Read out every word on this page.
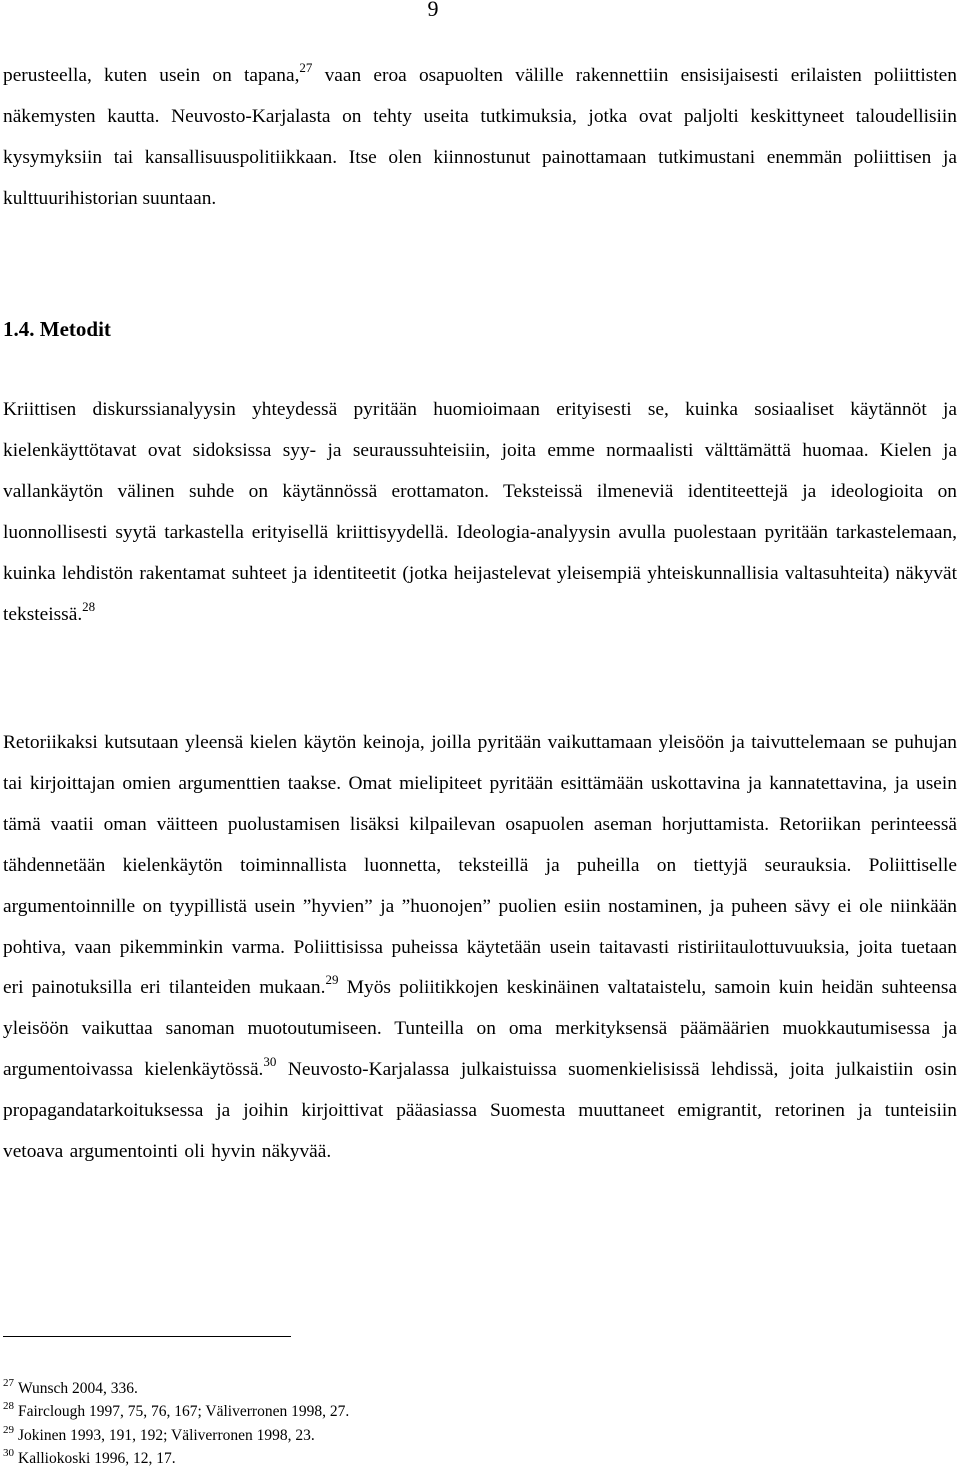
9

perusteella, kuten usein on tapana,$^{27}$ vaan eroa osapuolten välille rakennettiin ensisijaisesti erilaisten poliittisten näkemysten kautta. Neuvosto-Karjalasta on tehty useita tutkimuksia, jotka ovat paljolti keskittyneet taloudellisiin kysymyksiin tai kansallisuuspolitiikkaan. Itse olen kiinnostunut painottamaan tutkimustani enemmän poliittisen ja kulttuurihistorian suuntaan.

1.4. Metodit

Kriittisen diskurssianalyysin yhteydessä pyritään huomioimaan erityisesti se, kuinka sosiaaliset käytännöt ja kielenkäyttötavat ovat sidoksissa syy- ja seuraussuhteisiin, joita emme normaalisti välttämättä huomaa. Kielen ja vallankäytön välinen suhde on käytännössä erottamaton. Teksteissä ilmeneviä identiteettejä ja ideologioita on luonnollisesti syytä tarkastella erityisellä kriittisyydellä. Ideologia-analyysin avulla puolestaan pyritään tarkastelemaan, kuinka lehdistön rakentamat suhteet ja identiteetit (jotka heijastelevat yleisempiä yhteiskunnallisia valtasuhteita) näkyvät teksteissä.$^{28}$

Retoriikaksi kutsutaan yleensä kielen käytön keinoja, joilla pyritään vaikuttamaan yleisöön ja taivuttelemaan se puhujan tai kirjoittajan omien argumenttien taakse. Omat mielipiteet pyritään esittämään uskottavina ja kannatettavina, ja usein tämä vaatii oman väitteen puolustamisen lisäksi kilpailevan osapuolen aseman horjuttamista. Retoriikan perinteessä tähdennetään kielenkäytön toiminnallista luonnetta, teksteillä ja puheilla on tiettyjä seurauksia. Poliittiselle argumentoinnille on tyypillistä usein ”hyvien” ja ”huonojen” puolien esiin nostaminen, ja puheen sävy ei ole niinkään pohtiva, vaan pikemminkin varma. Poliittisissa puheissa käytetään usein taitavasti ristiriitaulottuvuuksia, joita tuetaan eri painotuksilla eri tilanteiden mukaan.$^{29}$ Myös poliitikkojen keskinäinen valtataistelu, samoin kuin heidän suhteensa yleisöön vaikuttaa sanoman muotoutumiseen. Tunteilla on oma merkityksensä päämäärien muokkautumisessa ja argumentoivassa kielenkäytössä.$^{30}$ Neuvosto-Karjalassa julkaistuissa suomenkielisissä lehdissä, joita julkaistiin osin propagandatarkoituksessa ja joihin kirjoittivat pääasiassa Suomesta muuttaneet emigrantit, retorinen ja tunteisiin vetoava argumentointi oli hyvin näkyvää.

$^{27}$ Wunsch 2004, 336.
$^{28}$ Fairclough 1997, 75, 76, 167; Väliverronen 1998, 27.
$^{29}$ Jokinen 1993, 191, 192; Väliverronen 1998, 23.
$^{30}$ Kalliokoski 1996, 12, 17.
